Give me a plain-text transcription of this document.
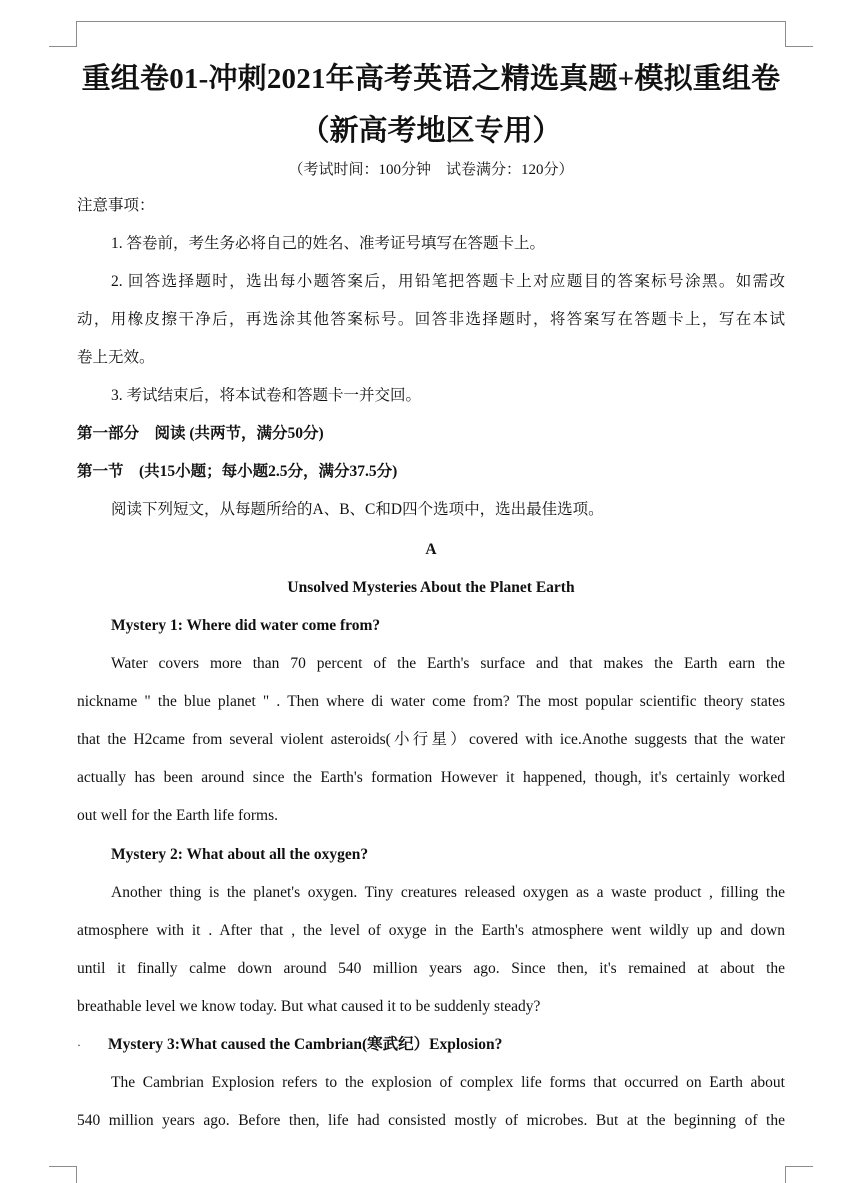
重组卷01-冲刺2021年高考英语之精选真题+模拟重组卷
（新高考地区专用）
（考试时间：100分钟　试卷满分：120分）
注意事项：
1. 答卷前，考生务必将自己的姓名、准考证号填写在答题卡上。
2. 回答选择题时，选出每小题答案后，用铅笔把答题卡上对应题目的答案标号涂黑。如需改
动，用橡皮擦干净后，再选涂其他答案标号。回答非选择题时，将答案写在答题卡上，写在本试
卷上无效。
3. 考试结束后，将本试卷和答题卡一并交回。
第一部分　阅读 (共两节，满分50分)
第一节　(共15小题；每小题2.5分，满分37.5分)
阅读下列短文，从每题所给的A、B、C和D四个选项中，选出最佳选项。
A
Unsolved Mysteries About the Planet Earth
Mystery 1: Where did water come from?
Water covers more than 70 percent of the Earth's surface and that makes the Earth earn the
nickname " the blue planet " . Then where di water come from? The most popular scientific theory states
that the H2came from several violent asteroids(小行星）covered with ice.Anothe suggests that the water
actually has been around since the Earth's formation However it happened, though, it's certainly worked
out well for the Earth life forms.
Mystery 2: What about all the oxygen?
Another thing is the planet's oxygen. Tiny creatures released oxygen as a waste product , filling the
atmosphere with it . After that , the level of oxyge in the Earth's atmosphere went wildly up and down
until it finally calme down around 540 million years ago. Since then, it's remained at about the
breathable level we know today. But what caused it to be suddenly steady?
· Mystery 3:What caused the Cambrian(寒武纪）Explosion?
The Cambrian Explosion refers to the explosion of complex life forms that occurred on Earth about
540 million years ago. Before then, life had consisted mostly of microbes. But at the beginning of the
